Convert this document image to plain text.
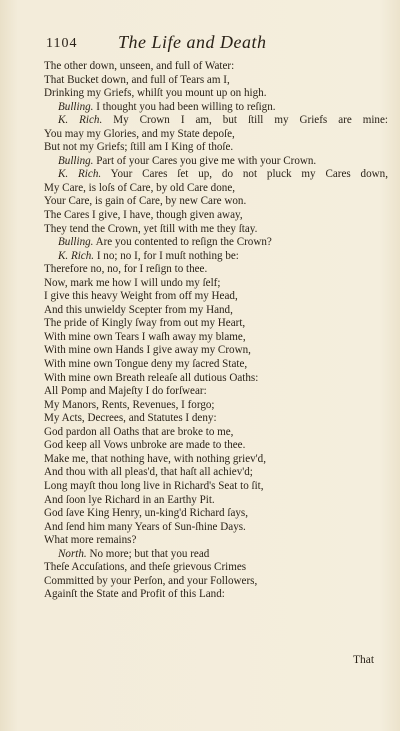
1104 The Life and Death
The other down, unseen, and full of Water:
That Bucket down, and full of Tears am I,
Drinking my Griefs, whilſt you mount up on high.
Bulling. I thought you had been willing to reſign.
K. Rich. My Crown I am, but ſtill my Griefs are mine:
You may my Glories, and my State depoſe,
But not my Griefs; ſtill am I King of thoſe.
Bulling. Part of your Cares you give me with your Crown.
K. Rich. Your Cares ſet up, do not pluck my Cares down,
My Care, is loſs of Care, by old Care done,
Your Care, is gain of Care, by new Care won.
The Cares I give, I have, though given away,
They tend the Crown, yet ſtill with me they ſtay.
Bulling. Are you contented to reſign the Crown?
K. Rich. I no; no I, for I muſt nothing be:
Therefore no, no, for I reſign to thee.
Now, mark me how I will undo my ſelf;
I give this heavy Weight from off my Head,
And this unwieldy Scepter from my Hand,
The pride of Kingly ſway from out my Heart,
With mine own Tears I waſh away my blame,
With mine own Hands I give away my Crown,
With mine own Tongue deny my ſacred State,
With mine own Breath releaſe all dutious Oaths:
All Pomp and Majeſty I do forſwear:
My Manors, Rents, Revenues, I forgo;
My Acts, Decrees, and Statutes I deny:
God pardon all Oaths that are broke to me,
God keep all Vows unbroke are made to thee.
Make me, that nothing have, with nothing griev'd,
And thou with all pleas'd, that haſt all achiev'd;
Long mayſt thou long live in Richard's Seat to ſit,
And ſoon lye Richard in an Earthy Pit.
God ſave King Henry, un-king'd Richard ſays,
And ſend him many Years of Sun-ſhine Days.
What more remains?
North. No more; but that you read
Theſe Accuſations, and theſe grievous Crimes
Committed by your Perſon, and your Followers,
Againſt the State and Profit of this Land:
That
